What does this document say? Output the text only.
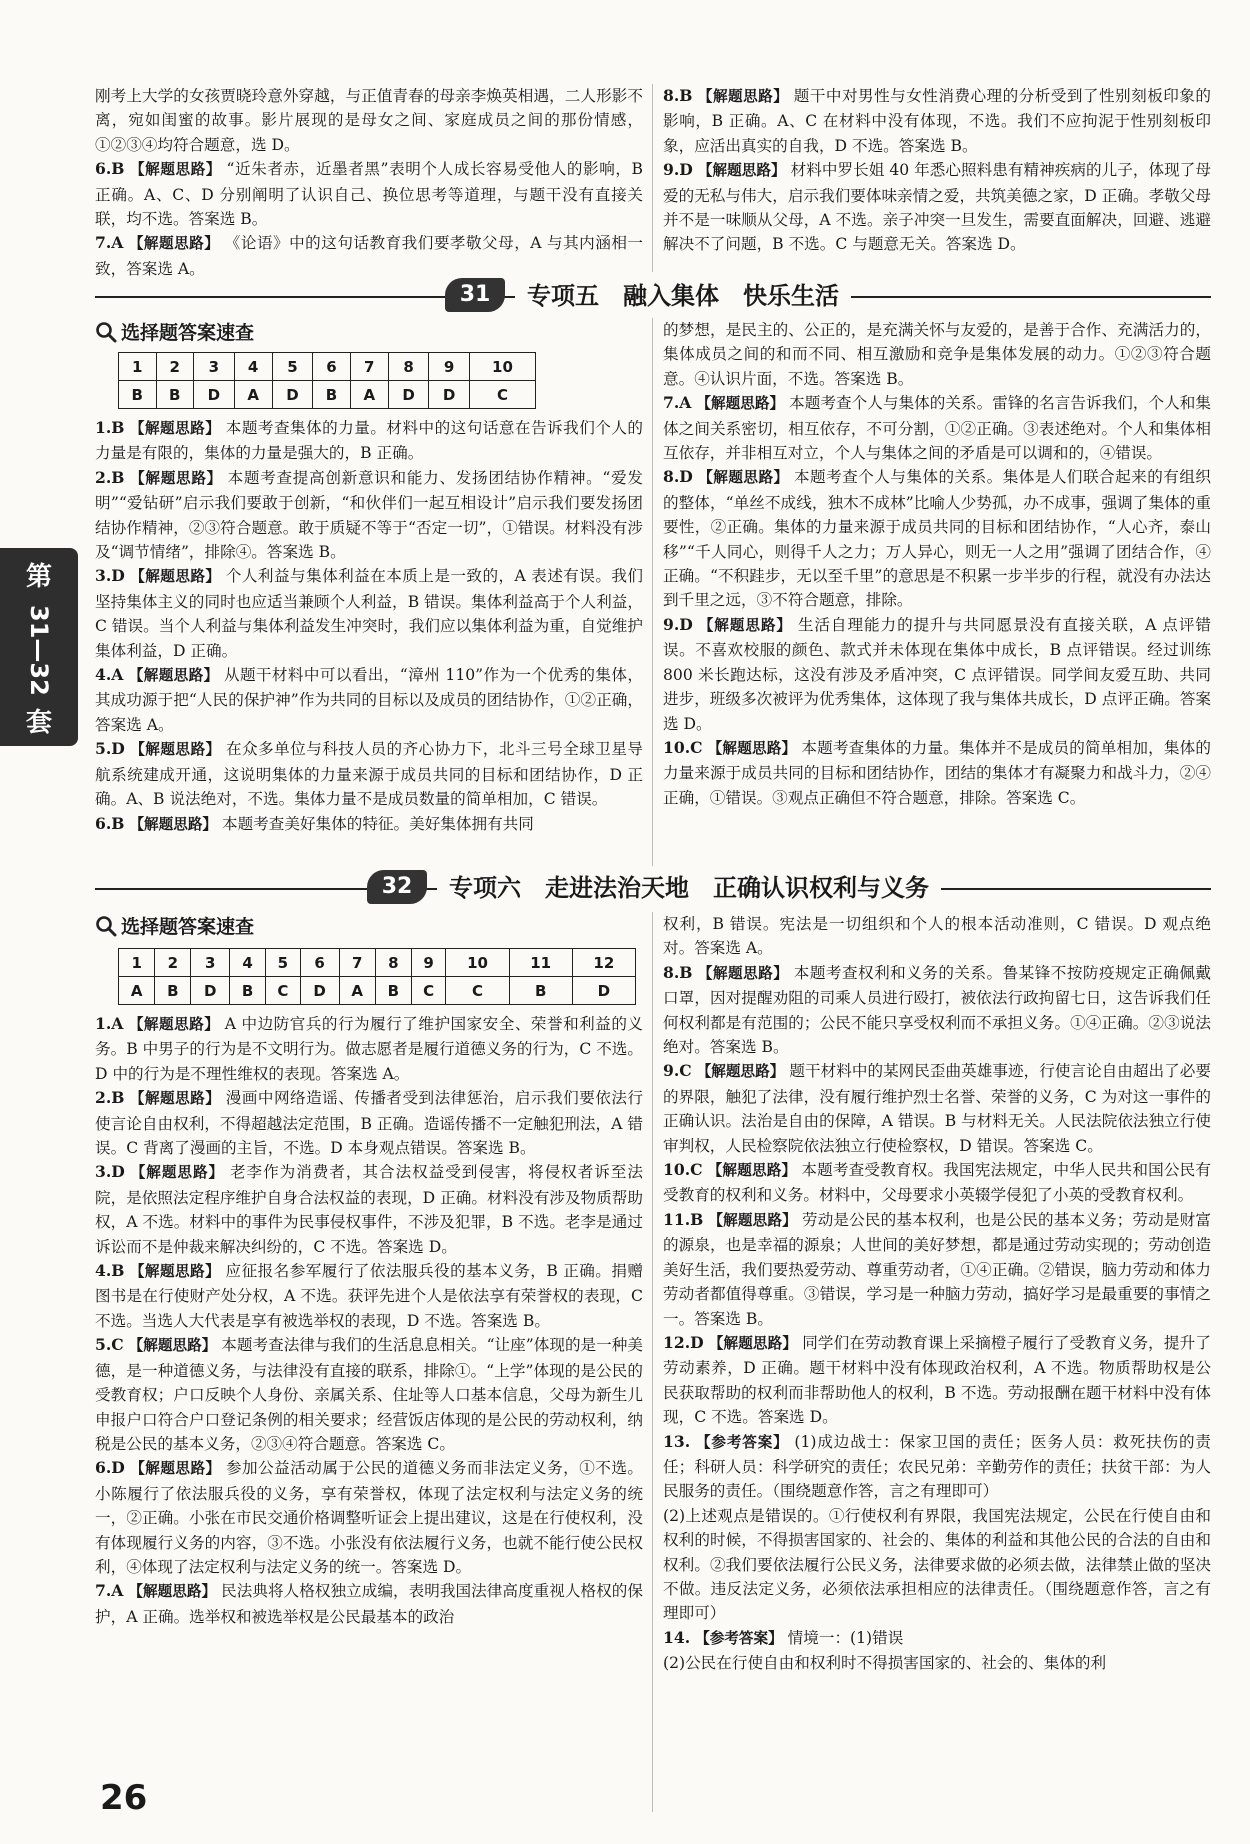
刚考上大学的女孩贾晓玲意外穿越，与正值青春的母亲李焕英相遇，二人形影不离，宛如闺蜜的故事。影片展现的是母女之间、家庭成员之间的那份情感，①②③④均符合题意，选 D。

6.B 【解题思路】 “近朱者赤，近墨者黑”表明个人成长容易受他人的影响，B 正确。A、C、D 分别阐明了认识自己、换位思考等道理，与题干没有直接关联，均不选。答案选 B。

7.A 【解题思路】 《论语》中的这句话教育我们要孝敬父母，A 与其内涵相一致，答案选 A。

8.B 【解题思路】 题干中对男性与女性消费心理的分析受到了性别刻板印象的影响，B 正确。A、C 在材料中没有体现，不选。我们不应拘泥于性别刻板印象，应活出真实的自我，D 不选。答案选 B。

9.D 【解题思路】 材料中罗长姐 40 年悉心照料患有精神疾病的儿子，体现了母爱的无私与伟大，启示我们要体味亲情之爱，共筑美德之家，D 正确。孝敬父母并不是一味顺从父母，A 不选。亲子冲突一旦发生，需要直面解决，回避、逃避解决不了问题，B 不选。C 与题意无关。答案选 D。

31	专项五　融入集体　快乐生活
选择题答案速查
1	2	3	4	5	6	7	8	9	10
B	B	D	A	D	B	A	D	D	C

1.B 【解题思路】 本题考查集体的力量。材料中的这句话意在告诉我们个人的力量是有限的，集体的力量是强大的，B 正确。

2.B 【解题思路】 本题考查提高创新意识和能力、发扬团结协作精神。“爱发明”“爱钻研”启示我们要敢于创新，“和伙伴们一起互相设计”启示我们要发扬团结协作精神，②③符合题意。敢于质疑不等于“否定一切”，①错误。材料没有涉及“调节情绪”，排除④。答案选 B。

3.D 【解题思路】 个人利益与集体利益在本质上是一致的，A 表述有误。我们坚持集体主义的同时也应适当兼顾个人利益，B 错误。集体利益高于个人利益，C 错误。当个人利益与集体利益发生冲突时，我们应以集体利益为重，自觉维护集体利益，D 正确。

4.A 【解题思路】 从题干材料中可以看出，“漳州 110”作为一个优秀的集体，其成功源于把“人民的保护神”作为共同的目标以及成员的团结协作，①②正确，答案选 A。

5.D 【解题思路】 在众多单位与科技人员的齐心协力下，北斗三号全球卫星导航系统建成开通，这说明集体的力量来源于成员共同的目标和团结协作，D 正确。A、B 说法绝对，不选。集体力量不是成员数量的简单相加，C 错误。

6.B 【解题思路】 本题考查美好集体的特征。美好集体拥有共同

的梦想，是民主的、公正的，是充满关怀与友爱的，是善于合作、充满活力的，集体成员之间的和而不同、相互激励和竞争是集体发展的动力。①②③符合题意。④认识片面，不选。答案选 B。

7.A 【解题思路】 本题考查个人与集体的关系。雷锋的名言告诉我们，个人和集体之间关系密切，相互依存，不可分割，①②正确。③表述绝对。个人和集体相互依存，并非相互对立，个人与集体之间的矛盾是可以调和的，④错误。

8.D 【解题思路】 本题考查个人与集体的关系。集体是人们联合起来的有组织的整体，“单丝不成线，独木不成林”比喻人少势孤，办不成事，强调了集体的重要性，②正确。集体的力量来源于成员共同的目标和团结协作，“人心齐，泰山移”“千人同心，则得千人之力；万人异心，则无一人之用”强调了团结合作，④正确。“不积跬步，无以至千里”的意思是不积累一步半步的行程，就没有办法达到千里之远，③不符合题意，排除。

9.D 【解题思路】 生活自理能力的提升与共同愿景没有直接关联，A 点评错误。不喜欢校服的颜色、款式并未体现在集体中成长，B 点评错误。经过训练 800 米长跑达标，这没有涉及矛盾冲突，C 点评错误。同学间友爱互助、共同进步，班级多次被评为优秀集体，这体现了我与集体共成长，D 点评正确。答案选 D。

10.C 【解题思路】 本题考查集体的力量。集体并不是成员的简单相加，集体的力量来源于成员共同的目标和团结协作，团结的集体才有凝聚力和战斗力，②④正确，①错误。③观点正确但不符合题意，排除。答案选 C。

32	专项六　走进法治天地　正确认识权利与义务
选择题答案速查
1	2	3	4	5	6	7	8	9	10	11	12
A	B	D	B	C	D	A	B	C	C	B	D

1.A 【解题思路】 A 中边防官兵的行为履行了维护国家安全、荣誉和利益的义务。B 中男子的行为是不文明行为。做志愿者是履行道德义务的行为，C 不选。D 中的行为是不理性维权的表现。答案选 A。

2.B 【解题思路】 漫画中网络造谣、传播者受到法律惩治，启示我们要依法行使言论自由权利，不得超越法定范围，B 正确。造谣传播不一定触犯刑法，A 错误。C 背离了漫画的主旨，不选。D 本身观点错误。答案选 B。

3.D 【解题思路】 老李作为消费者，其合法权益受到侵害，将侵权者诉至法院，是依照法定程序维护自身合法权益的表现，D 正确。材料没有涉及物质帮助权，A 不选。材料中的事件为民事侵权事件，不涉及犯罪，B 不选。老李是通过诉讼而不是仲裁来解决纠纷的，C 不选。答案选 D。

4.B 【解题思路】 应征报名参军履行了依法服兵役的基本义务，B 正确。捐赠图书是在行使财产处分权，A 不选。获评先进个人是依法享有荣誉权的表现，C 不选。当选人大代表是享有被选举权的表现，D 不选。答案选 B。

5.C 【解题思路】 本题考查法律与我们的生活息息相关。“让座”体现的是一种美德，是一种道德义务，与法律没有直接的联系，排除①。“上学”体现的是公民的受教育权；户口反映个人身份、亲属关系、住址等人口基本信息，父母为新生儿申报户口符合户口登记条例的相关要求；经营饭店体现的是公民的劳动权利，纳税是公民的基本义务，②③④符合题意。答案选 C。

6.D 【解题思路】 参加公益活动属于公民的道德义务而非法定义务，①不选。小陈履行了依法服兵役的义务，享有荣誉权，体现了法定权利与法定义务的统一，②正确。小张在市民交通价格调整听证会上提出建议，这是在行使权利，没有体现履行义务的内容，③不选。小张没有依法履行义务，也就不能行使公民权利，④体现了法定权利与法定义务的统一。答案选 D。

7.A 【解题思路】 民法典将人格权独立成编，表明我国法律高度重视人格权的保护，A 正确。选举权和被选举权是公民最基本的政治

权利，B 错误。宪法是一切组织和个人的根本活动准则，C 错误。D 观点绝对。答案选 A。

8.B 【解题思路】 本题考查权利和义务的关系。鲁某锋不按防疫规定正确佩戴口罩，因对提醒劝阻的司乘人员进行殴打，被依法行政拘留七日，这告诉我们任何权利都是有范围的；公民不能只享受权利而不承担义务。①④正确。②③说法绝对。答案选 B。

9.C 【解题思路】 题干材料中的某网民歪曲英雄事迹，行使言论自由超出了必要的界限，触犯了法律，没有履行维护烈士名誉、荣誉的义务，C 为对这一事件的正确认识。法治是自由的保障，A 错误。B 与材料无关。人民法院依法独立行使审判权，人民检察院依法独立行使检察权，D 错误。答案选 C。

10.C 【解题思路】 本题考查受教育权。我国宪法规定，中华人民共和国公民有受教育的权利和义务。材料中，父母要求小英辍学侵犯了小英的受教育权利。

11.B 【解题思路】 劳动是公民的基本权利，也是公民的基本义务；劳动是财富的源泉，也是幸福的源泉；人世间的美好梦想，都是通过劳动实现的；劳动创造美好生活，我们要热爱劳动、尊重劳动者，①④正确。②错误，脑力劳动和体力劳动者都值得尊重。③错误，学习是一种脑力劳动，搞好学习是最重要的事情之一。答案选 B。

12.D 【解题思路】 同学们在劳动教育课上采摘橙子履行了受教育义务，提升了劳动素养，D 正确。题干材料中没有体现政治权利，A 不选。物质帮助权是公民获取帮助的权利而非帮助他人的权利，B 不选。劳动报酬在题干材料中没有体现，C 不选。答案选 D。

13. 【参考答案】 (1)成边战士：保家卫国的责任；医务人员：救死扶伤的责任；科研人员：科学研究的责任；农民兄弟：辛勤劳作的责任；扶贫干部：为人民服务的责任。（围绕题意作答，言之有理即可）

(2)上述观点是错误的。①行使权利有界限，我国宪法规定，公民在行使自由和权利的时候，不得损害国家的、社会的、集体的利益和其他公民的合法的自由和权利。②我们要依法履行公民义务，法律要求做的必须去做，法律禁止做的坚决不做。违反法定义务，必须依法承担相应的法律责任。（围绕题意作答，言之有理即可）

14. 【参考答案】 情境一：(1)错误

(2)公民在行使自由和权利时不得损害国家的、社会的、集体的利

第
31—32
套
26
